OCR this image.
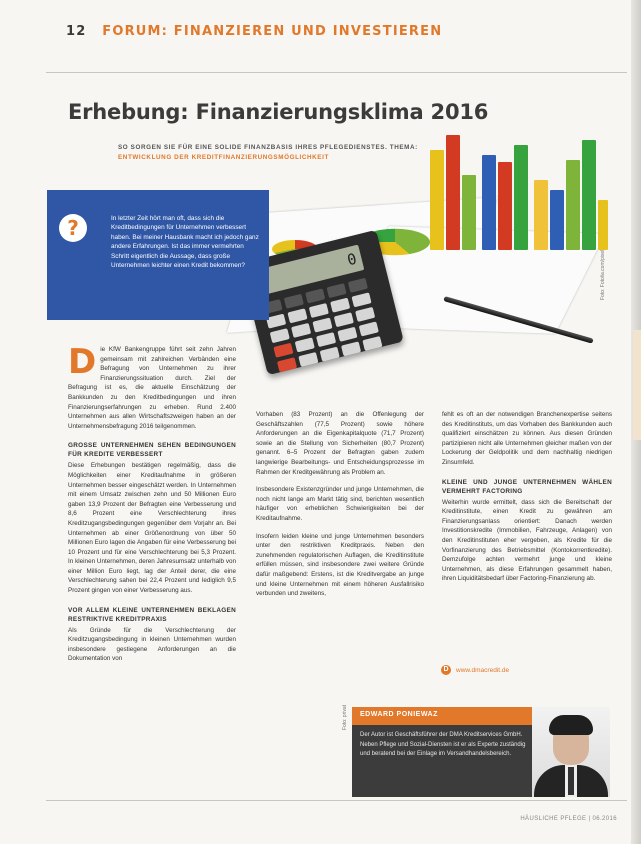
12 FORUM: FINANZIEREN UND INVESTIEREN
Erhebung: Finanzierungsklima 2016
SO SORGEN SIE FÜR EINE SOLIDE FINANZBASIS IHRES PFLEGEDIENSTES. THEMA: ENTWICKLUNG DER KREDITFINANZIERUNGSMÖGLICHKEIT
0	Foto: Fotolia.com/pixel
?	In letzter Zeit hört man oft, dass sich die Kreditbedingungen für Unternehmen verbessert haben. Bei meiner Hausbank macht ich jedoch ganz andere Erfahrungen. Ist das immer vermehrten Schritt eigentlich die Aussage, dass große Unternehmen leichter einen Kredit bekommen?

Die KfW Bankengruppe führt seit zehn Jahren gemeinsam mit zahlreichen Verbänden eine Befragung von Unternehmen zu ihrer Finanzierungssituation durch. Ziel der Befragung ist es, die aktuelle Einschätzung der Bankkunden zu den Kreditbedingungen und ihren Finanzierungserfahrungen zu erheben. Rund 2.400 Unternehmen aus allen Wirtschaftszweigen haben an der Unternehmensbefragung 2016 teilgenommen.

GROSSE UNTERNEHMEN SEHEN BEDINGUNGEN FÜR KREDITE VERBESSERT

Diese Erhebungen bestätigen regelmäßig, dass die Möglichkeiten einer Kreditaufnahme in größeren Unternehmen besser eingeschätzt werden. In Unternehmen mit einem Umsatz zwischen zehn und 50 Millionen Euro gaben 13,9 Prozent der Befragten eine Verbesserung und 8,6 Prozent eine Verschlechterung ihres Kreditzugangsbedingungen gegenüber dem Vorjahr an. Bei Unternehmen ab einer Größenordnung von über 50 Millionen Euro lagen die Angaben für eine Verbesserung bei 10 Prozent und für eine Verschlechterung bei 5,3 Prozent. In kleinen Unternehmen, deren Jahresumsatz unterhalb von einer Million Euro liegt, lag der Anteil derer, die eine Verschlechterung sahen bei 22,4 Prozent und lediglich 9,5 Prozent gingen von einer Verbesserung aus.

VOR ALLEM KLEINE UNTERNEHMEN BEKLAGEN RESTRIKTIVE KREDITPRAXIS

Als Gründe für die Verschlechterung der Kreditzugangsbedingung in kleinen Unternehmen wurden insbesondere gestiegene Anforderungen an die Dokumentation von

Vorhaben (83 Prozent) an die Offenlegung der Geschäftszahlen (77,5 Prozent) sowie höhere Anforderungen an die Eigenkapitalquote (71,7 Prozent) sowie an die Stellung von Sicherheiten (80,7 Prozent) genannt. 6–5 Prozent der Befragten gaben zudem langwierige Bearbeitungs- und Entscheidungsprozesse im Rahmen der Kreditgewährung als Problem an.

Insbesondere Existenzgründer und junge Unternehmen, die noch nicht lange am Markt tätig sind, berichten wesentlich häufiger von erheblichen Schwierigkeiten bei der Kreditaufnahme.

Insofern leiden kleine und junge Unternehmen besonders unter den restriktiven Kreditpraxis. Neben den zunehmenden regulatorischen Auflagen, die Kreditinstitute erfüllen müssen, sind insbesondere zwei weitere Gründe dafür maßgebend: Erstens, ist die Kreditvergabe an junge und kleine Unternehmen mit einem höheren Ausfallrisiko verbunden und zweitens,

fehlt es oft an der notwendigen Branchenexpertise seitens des Kreditinstituts, um das Vorhaben des Bankkunden auch qualifiziert einschätzen zu können. Aus diesen Gründen partizipieren nicht alle Unternehmen gleicher maßen von der Lockerung der Geldpolitik und dem nachhaltig niedrigen Zinsumfeld.

KLEINE UND JUNGE UNTERNEHMEN WÄHLEN VERMEHRT FACTORING

Weiterhin wurde ermittelt, dass sich die Bereitschaft der Kreditinstitute, einen Kredit zu gewähren am Finanzierungsanlass orientiert: Danach werden Investitionskredite (Immobilien, Fahrzeuge, Anlagen) von den Kreditinstituten eher vergeben, als Kredite für die Vorfinanzierung des Betriebsmittel (Kontokorrentkredite). Demzufolge achten vermehrt junge und kleine Unternehmen, als diese Erfahrungen gesammelt haben, ihren Liquiditätsbedarf über Factoring-Finanzierung ab.

D	www.dmacredit.de
Foto: privat EDWARD PONIEWAZ
Der Autor ist Geschäftsführer der DMA Kreditservices GmbH. Neben Pflege und Sozial-Diensten ist er als Experte zuständig und beratend bei der Einlage im Versandhandelsbereich.
HÄUSLICHE PFLEGE | 06.2016
